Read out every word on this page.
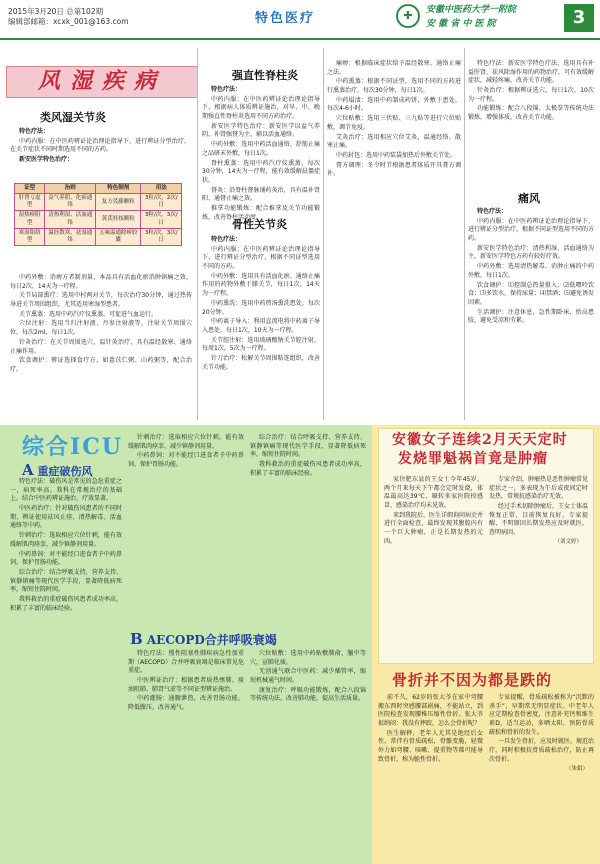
2015年3月20日 总第102期
编辑部邮箱：xcxk_001@163.com	特色医疗	✚	安徽中医药大学一附院
安 徽 省 中 医 院	3
风湿疾病
类风湿关节炎
特色疗法：
中药内服：在中医药辨证论治理论指导下，进行辨证分型治疗，在关节症状不同时期选用不同的方药。
新安医学特色治疗：
证型	治则	特色制剂	用法
肝肾亏虚型	益气养阴、化瘀通络	复方芪藤颗粒	3粒/次，2次/日
湿热痹阻型	清热利湿、活血通络	黄芪桂枝颗粒	3粒/次，3次/日
寒湿阻络型	温经散寒、祛湿通络	五味温通除痹胶囊	3粒/次，3次/日
中药外敷：消痹方者制剂量，本品具有活血化瘀消肿镇痛之效，每日2次，14天为一疗程。
关节局部熏疗：选用中村两对关节，每次治疗30分钟，通过热传导进关节周围组织，尤其适用寒湿型患者。
关节熏蒸：选用中药汽疗仪熏蒸，可促进气血运行。
穴位注射：选用当归注射液、丹参注射液等，注射关节周围穴位，每次2ml，每日1次。
针灸治疗：在关节周围选穴，温针灸治疗，具有温经散寒、通络止痛作用。
饮食调护：辨证选择食疗方，如薏苡仁粥、山药粥等，配合治疗。
强直性脊柱炎
特色疗法：
中药内服：在中医药辨证论治理论指导下，根据病人体质辨证施治，对早、中、晚期强直性脊柱炎选用不同方药治疗。
新安医学特色治疗：新安医学以益气养阴、补肾强督为主，辅以活血通络。
中药外敷：选用中药活血通络、舒筋止痛之品研末外敷，每日1次。
脊柱熏蒸：选用中药汽疗仪熏蒸，每次30分钟，14天为一疗程，能有效缓解晨僵症状。
督灸：沿脊柱督脉铺药灸治，具有温补肾阳、通督止痛之效。
推拿功能锻炼：配合推拿及关节功能锻炼，改善脊柱活动度。
骨性关节炎
特色疗法：
中药内服：在中医药辨证论治理论指导下，进行辨证分型治疗，根据不同证型选用不同的方药。
中药外敷：选用具有活血化瘀、通络止痛作用的药物外敷于膝关节，每日1次，14天为一疗程。
中药熏洗：选用中药煎汤熏洗患处，每次20分钟。
中药离子导入：利用直流电将中药离子导入患处，每日1次，10天为一疗程。
关节腔注射：选用玻璃酸钠关节腔注射，每周1次，5次为一疗程。
针刀治疗：松解关节周围粘连组织，改善关节功能。
痛痹：根据临床症状给予温经散寒、通络止痛之法。
中药熏蒸：根据不同证型，选用不同的方药进行熏蒸治疗，每次30分钟，每日1次。
中药塌渍：选用中药制成药饼，外敷于患处，每次4-6小时。
穴位贴敷：选用三伏贴、三九贴等进行穴位贴敷，调节免疫。
艾灸治疗：选用相应穴位艾灸，温通经络、散寒止痛。
中药封包：选用中药装袋加热后外敷关节处。
膏方调理：冬令时节根据患者体质开具膏方调补。
特色疗法：新安医学特色疗法，选用具有补益肝肾、祛风除湿作用的药物治疗，可有效缓解症状，减轻疼痛，改善关节功能。
针灸治疗：根据辨证选穴，每日1次，10次为一疗程。
功能锻炼：配合八段锦、太极拳等传统功法锻炼，增强体质，改善关节功能。
痛风
特色疗法：
中药内服：在中医药辨证论治理论指导下，进行辨证分型治疗，根据不同证型选用不同的方药。
新安医学特色治疗：清热利湿、活血通络为主，新安医学特色方药有较好疗效。
中药外敷：选用清热解毒、消肿止痛的中药外敷，每日1次。
饮食调护：⑴控制总热量摄入；⑵低嘌呤饮食；⑶多饮水，保持尿量；⑷禁酒；⑸避免诱发因素。
生活调护：注意休息，急性期卧床，抬高患肢，避免受凉和劳累。
综合ICU
A 重症破伤风
特色疗法：破伤风是常见的急危重症之一，病死率高。我科在常规治疗的基础上，结合中医药辨证施治，疗效显著。
中医药治疗：针对破伤风患者的不同时期，辨证使用祛风止痉、清热解毒、活血通络等中药。
针刺治疗：选取相应穴位针刺，能有效缓解肌肉痉挛，减少镇静剂用量。
中药鼻饲：对不能经口进食者予中药鼻饲，保护胃肠功能。
综合治疗：结合呼吸支持、营养支持、镇静镇痛等现代医学手段，显著降低病死率，缩短住院时间。
我科救治的重症破伤风患者成功率高，积累了丰富的临床经验。
针刺治疗：选取相应穴位针刺，能有效缓解肌肉痉挛，减少镇静剂用量。
中药鼻饲：对不能经口进食者予中药鼻饲，保护胃肠功能。
综合治疗：结合呼吸支持、营养支持、镇静镇痛等现代医学手段，显著降低病死率，缩短住院时间。
我科救治的重症破伤风患者成功率高，积累了丰富的临床经验。
B AECOPD合并呼吸衰竭
特色疗法：慢性阻塞性肺疾病急性加重期（AECOPD）合并呼吸衰竭是临床常见危重症。
中医辨证治疗：根据患者痰热壅肺、痰浊阻肺、肺肾气虚等不同证型辨证施治。
中药灌肠：通腑泄热，改善胃肠功能，降低腹压，改善通气。
穴位贴敷：选用中药贴敷肺俞、膻中等穴，宣肺化痰。
无创通气联合中医药：减少插管率，缩短机械通气时间。
康复治疗：呼吸功能锻炼，配合八段锦等传统功法，改善肺功能，提高生活质量。
安徽女子连续2月天天定时
发烧罪魁祸首竟是肿瘤
家住肥东县的王女士今年45岁，两个月来每天下午都会定时发烧，体温最高达39℃，辗转多家医院按感冒、感染治疗均未见效。
来到我院后，医生详细询问病史并进行全面检查，最终发现其腹腔内有一个巨大肿瘤，正是长期发热的元凶。
专家介绍，肿瘤热是恶性肿瘤常见症状之一，多表现为午后或夜间定时发热，常规抗感染治疗无效。
经过手术切除肿瘤后，王女士体温恢复正常，目前恢复良好。专家提醒，不明原因长期发热应及时就医，查明病因。
（刘文婷）
骨折并不因为都是跌的
前不久，62岁的张大爷在家中弯腰搬东西时突感腰部剧痛，不能站立，到医院检查发现腰椎压缩性骨折。张大爷很纳闷：我没有摔跤，怎么会骨折呢？
医生解释，老年人尤其是绝经后女性，常伴有骨质疏松，骨骼变脆，轻微外力如弯腰、咳嗽、提重物等都可能导致骨折，称为脆性骨折。
专家提醒，骨质疏松被称为“沉默的杀手”，早期常无明显症状。中老年人应定期检查骨密度，注意补充钙和维生素D，适当运动，多晒太阳，预防骨质疏松和骨折的发生。
一旦发生骨折，应及时就医，规范治疗，同时积极抗骨质疏松治疗，防止再次骨折。
（朱娟）
